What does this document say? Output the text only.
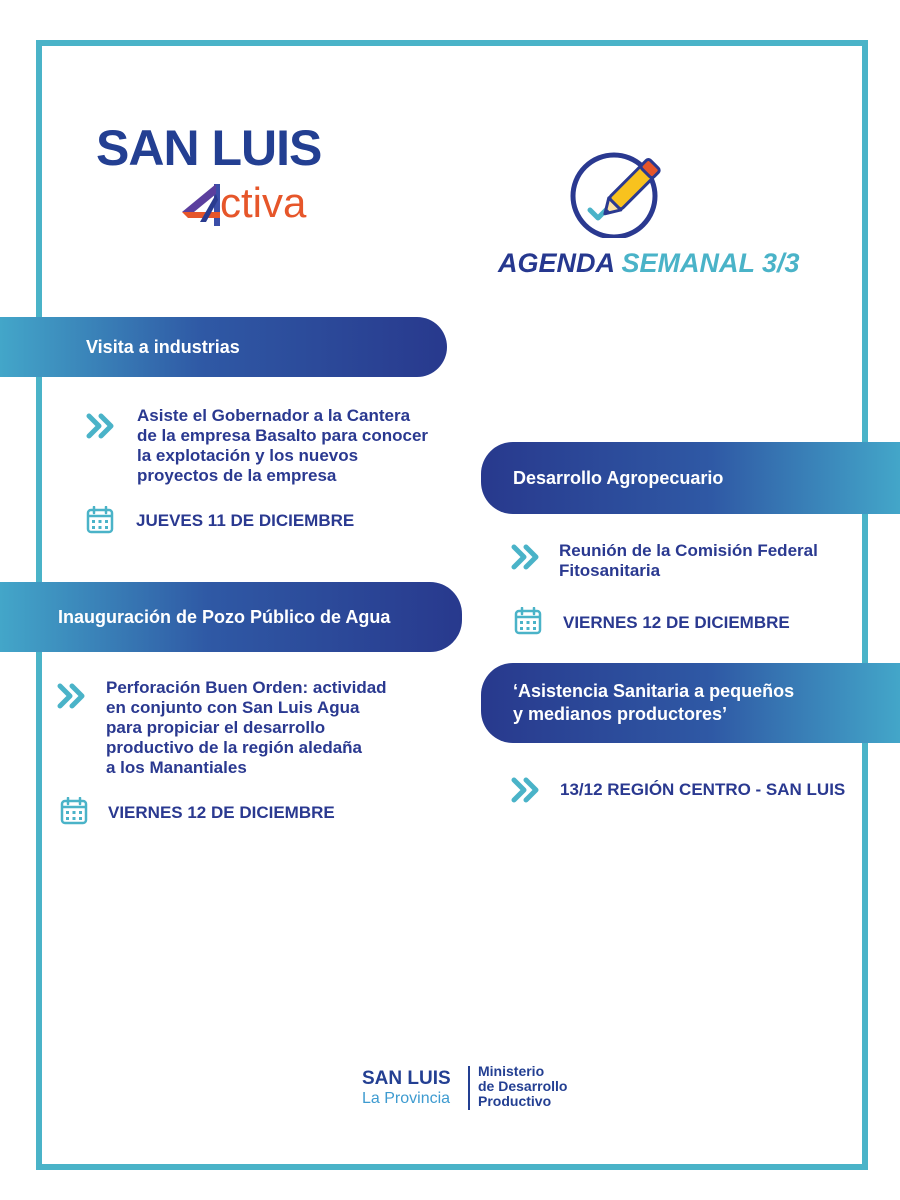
SAN LUIS
ctiva
AGENDA SEMANAL 3/3
Visita a industrias
Asiste el Gobernador a la Cantera
de la empresa Basalto para conocer
la explotación y los nuevos
proyectos de la empresa
JUEVES 11 DE DICIEMBRE
Inauguración de Pozo Público de Agua
Perforación Buen Orden: actividad
en conjunto con San Luis Agua
para propiciar el desarrollo
productivo de la región aledaña
a los Manantiales
VIERNES 12 DE DICIEMBRE
Desarrollo Agropecuario
Reunión de la Comisión Federal
Fitosanitaria
VIERNES 12 DE DICIEMBRE
‘Asistencia Sanitaria a pequeños
y medianos productores’
13/12 REGIÓN CENTRO - SAN LUIS
SAN LUIS
La Provincia
Ministerio
de Desarrollo
Productivo
